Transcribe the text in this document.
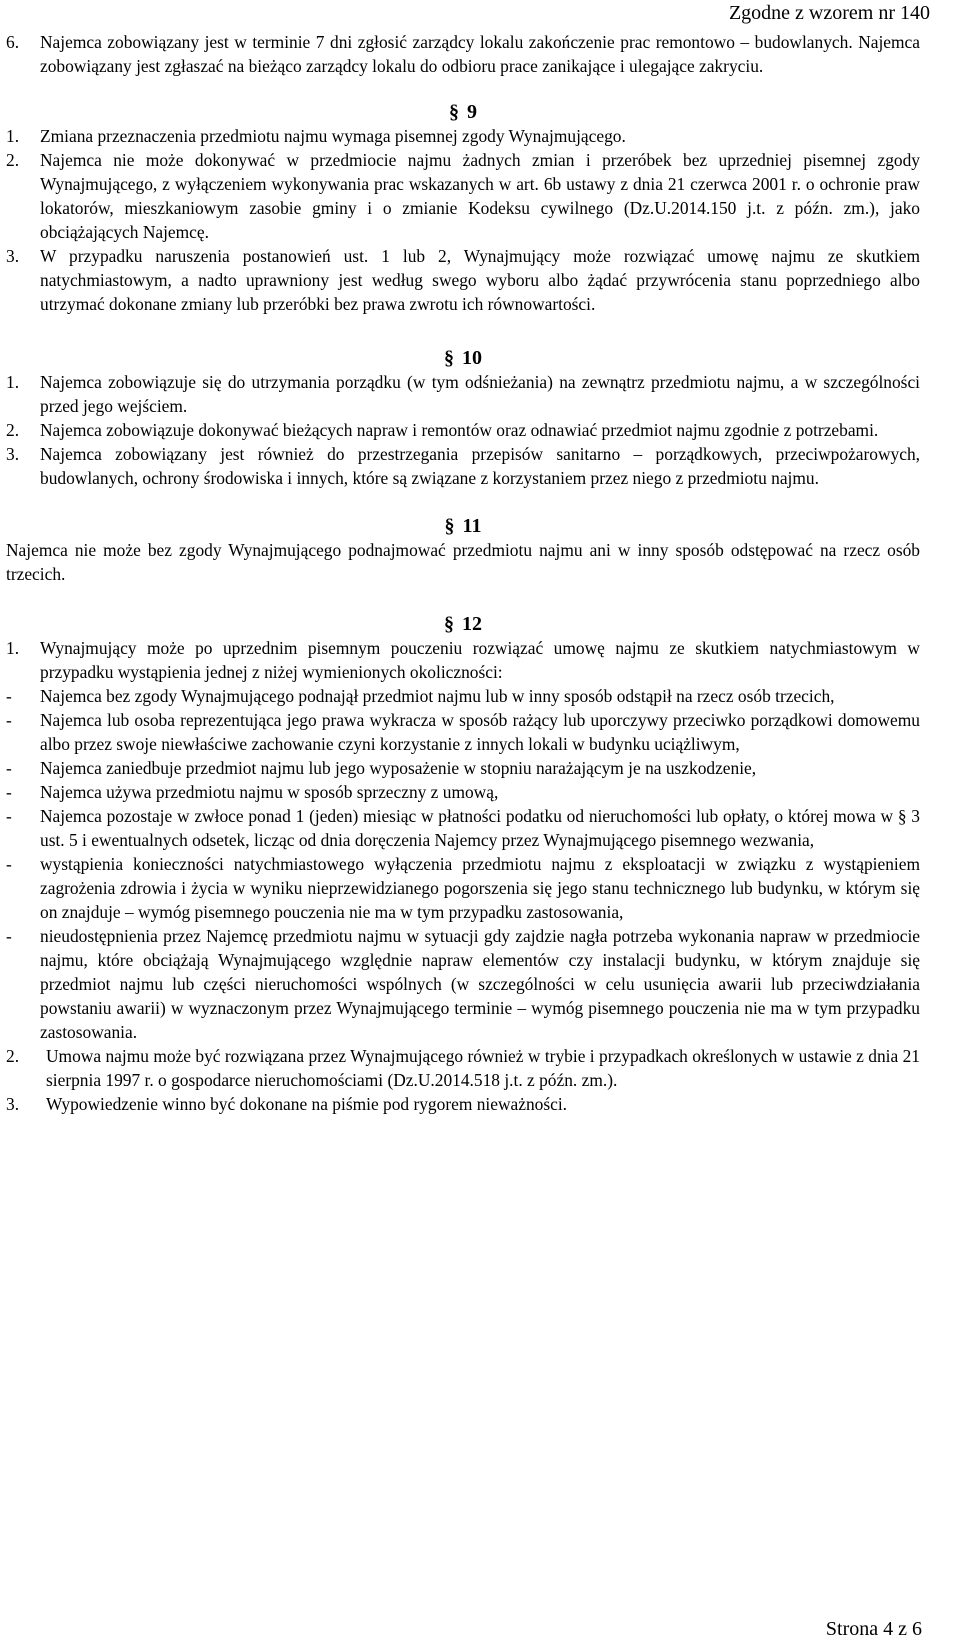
Zgodne z wzorem nr 140
6. Najemca zobowiązany jest w terminie 7 dni zgłosić zarządcy lokalu zakończenie prac remontowo – budowlanych. Najemca zobowiązany jest zgłaszać na bieżąco zarządcy lokalu do odbioru prace zanikające i ulegające zakryciu.
§ 9
1. Zmiana przeznaczenia przedmiotu najmu wymaga pisemnej zgody Wynajmującego.
2. Najemca nie może dokonywać w przedmiocie najmu żadnych zmian i przeróbek bez uprzedniej pisemnej zgody Wynajmującego, z wyłączeniem wykonywania prac wskazanych w art. 6b ustawy z dnia 21 czerwca 2001 r. o ochronie praw lokatorów, mieszkaniowym zasobie gminy i o zmianie Kodeksu cywilnego (Dz.U.2014.150 j.t. z późn. zm.), jako obciążających Najemcę.
3. W przypadku naruszenia postanowień ust. 1 lub 2, Wynajmujący może rozwiązać umowę najmu ze skutkiem natychmiastowym, a nadto uprawniony jest według swego wyboru albo żądać przywrócenia stanu poprzedniego albo utrzymać dokonane zmiany lub przeróbki bez prawa zwrotu ich równowartości.
§ 10
1. Najemca zobowiązuje się do utrzymania porządku (w tym odśnieżania) na zewnątrz przedmiotu najmu, a w szczególności przed jego wejściem.
2. Najemca zobowiązuje dokonywać bieżących napraw i remontów oraz odnawiać przedmiot najmu zgodnie z potrzebami.
3. Najemca zobowiązany jest również do przestrzegania przepisów sanitarno – porządkowych, przeciwpożarowych, budowlanych, ochrony środowiska i innych, które są związane z korzystaniem przez niego z przedmiotu najmu.
§ 11
Najemca nie może bez zgody Wynajmującego podnajmować przedmiotu najmu ani w inny sposób odstępować na rzecz osób trzecich.
§ 12
1. Wynajmujący może po uprzednim pisemnym pouczeniu rozwiązać umowę najmu ze skutkiem natychmiastowym w przypadku wystąpienia jednej z niżej wymienionych okoliczności:
- Najemca bez zgody Wynajmującego podnajął przedmiot najmu lub w inny sposób odstąpił na rzecz osób trzecich,
- Najemca lub osoba reprezentująca jego prawa wykracza w sposób rażący lub uporczywy przeciwko porządkowi domowemu albo przez swoje niewłaściwe zachowanie czyni korzystanie z innych lokali w budynku uciążliwym,
- Najemca zaniedbuje przedmiot najmu lub jego wyposażenie w stopniu narażającym je na uszkodzenie,
- Najemca używa przedmiotu najmu w sposób sprzeczny z umową,
- Najemca pozostaje w zwłoce ponad 1 (jeden) miesiąc w płatności podatku od nieruchomości lub opłaty, o której mowa w § 3 ust. 5 i ewentualnych odsetek, licząc od dnia doręczenia Najemcy przez Wynajmującego pisemnego wezwania,
- wystąpienia konieczności natychmiastowego wyłączenia przedmiotu najmu z eksploatacji w związku z wystąpieniem zagrożenia zdrowia i życia w wyniku nieprzewidzianego pogorszenia się jego stanu technicznego lub budynku, w którym się on znajduje – wymóg pisemnego pouczenia nie ma w tym przypadku zastosowania,
- nieudostępnienia przez Najemcę przedmiotu najmu w sytuacji gdy zajdzie nagła potrzeba wykonania napraw w przedmiocie najmu, które obciążają Wynajmującego względnie napraw elementów czy instalacji budynku, w którym znajduje się przedmiot najmu lub części nieruchomości wspólnych (w szczególności w celu usunięcia awarii lub przeciwdziałania powstaniu awarii) w wyznaczonym przez Wynajmującego terminie – wymóg pisemnego pouczenia nie ma w tym przypadku zastosowania.
2. Umowa najmu może być rozwiązana przez Wynajmującego również w trybie i przypadkach określonych w ustawie z dnia 21 sierpnia 1997 r. o gospodarce nieruchomościami (Dz.U.2014.518 j.t. z późn. zm.).
3. Wypowiedzenie winno być dokonane na piśmie pod rygorem nieważności.
Strona 4 z 6
